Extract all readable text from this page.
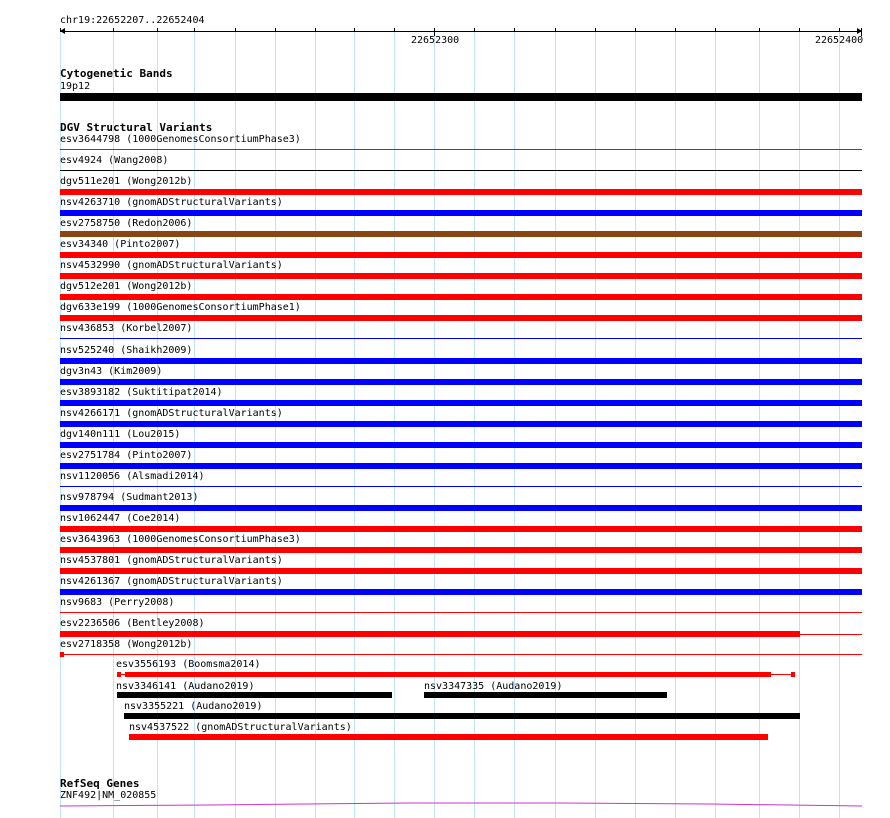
chr19:22652207..22652404
22652300	22652400
Cytogenetic Bands
19p12
DGV Structural Variants
esv3644798 (1000GenomesConsortiumPhase3)
esv4924 (Wang2008)
dgv511e201 (Wong2012b)
nsv4263710 (gnomADStructuralVariants)
esv2758750 (Redon2006)
esv34340 (Pinto2007)
nsv4532990 (gnomADStructuralVariants)
dgv512e201 (Wong2012b)
dgv633e199 (1000GenomesConsortiumPhase1)
nsv436853 (Korbel2007)
nsv525240 (Shaikh2009)
dgv3n43 (Kim2009)
esv3893182 (Suktitipat2014)
nsv4266171 (gnomADStructuralVariants)
dgv140n111 (Lou2015)
esv2751784 (Pinto2007)
nsv1120056 (Alsmadi2014)
nsv978794 (Sudmant2013)
nsv1062447 (Coe2014)
esv3643963 (1000GenomesConsortiumPhase3)
nsv4537801 (gnomADStructuralVariants)
nsv4261367 (gnomADStructuralVariants)
nsv9683 (Perry2008)
esv2236506 (Bentley2008)
esv2718358 (Wong2012b)
esv3556193 (Boomsma2014)
nsv3346141 (Audano2019)	nsv3347335 (Audano2019)
nsv3355221 (Audano2019)
nsv4537522 (gnomADStructuralVariants)
RefSeq Genes
ZNF492|NM_020855
